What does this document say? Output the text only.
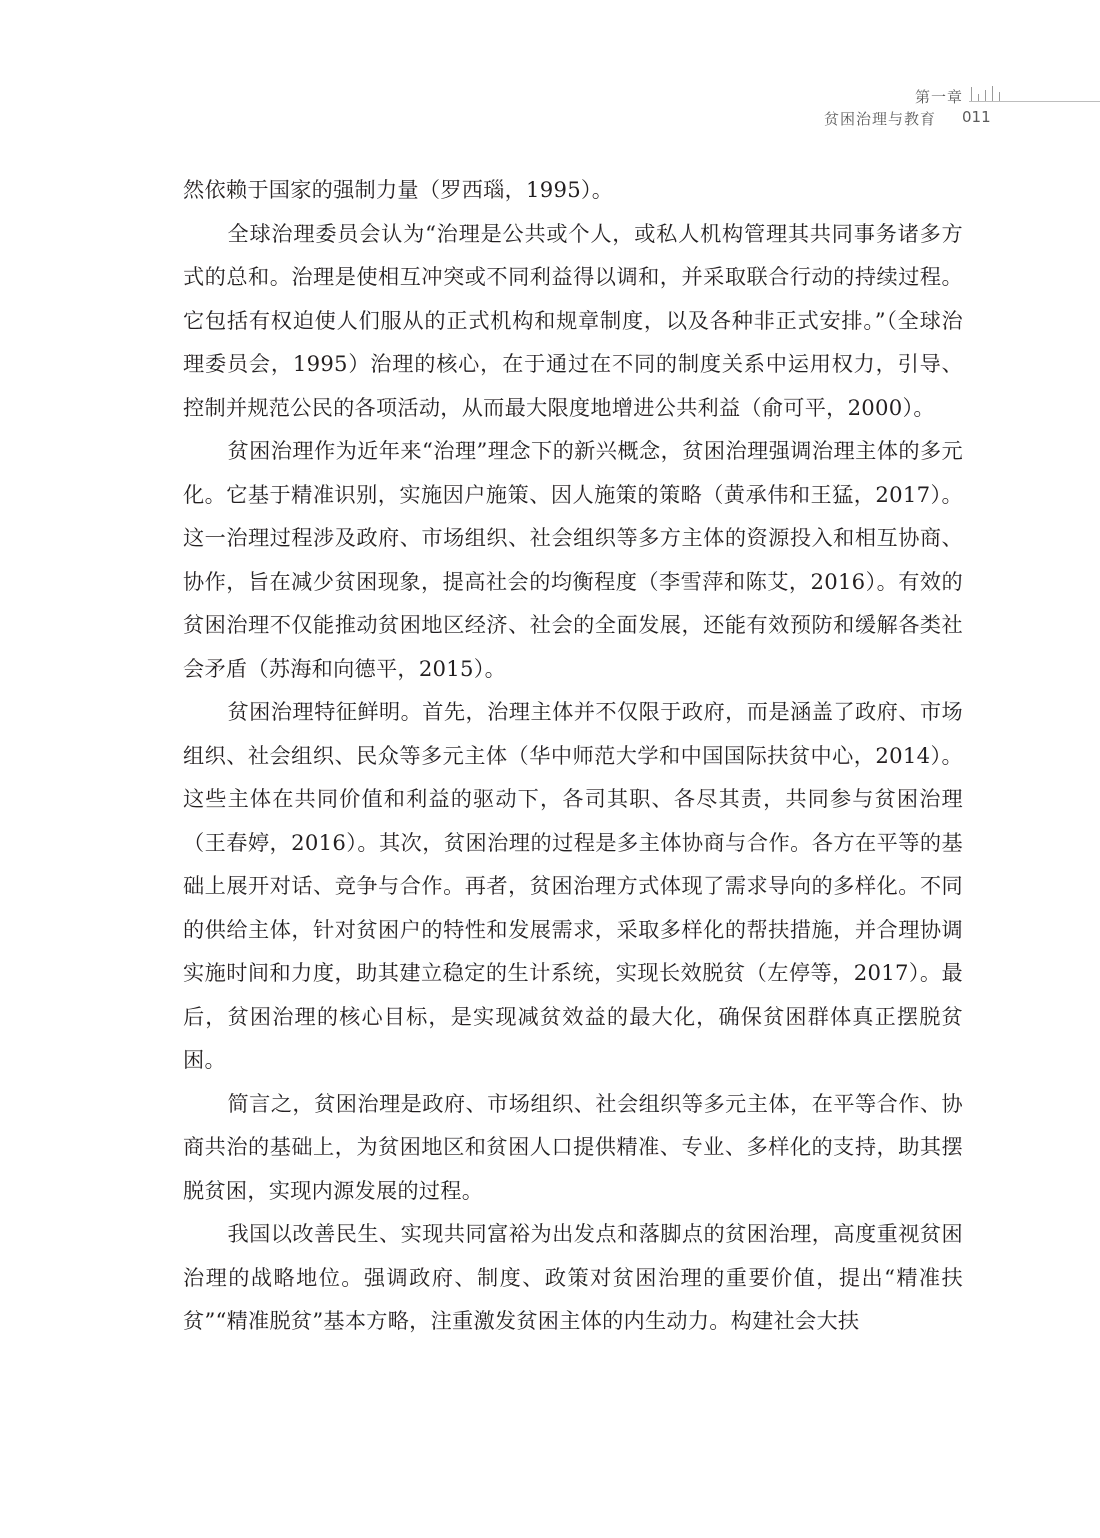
第一章
贫困治理与教育 011

然依赖于国家的强制力量（罗西瑙，1995）。

全球治理委员会认为“治理是公共或个人，或私人机构管理其共同事务诸多方式的总和。治理是使相互冲突或不同利益得以调和，并采取联合行动的持续过程。它包括有权迫使人们服从的正式机构和规章制度，以及各种非正式安排。”（全球治理委员会，1995）治理的核心，在于通过在不同的制度关系中运用权力，引导、控制并规范公民的各项活动，从而最大限度地增进公共利益（俞可平，2000）。

贫困治理作为近年来“治理”理念下的新兴概念，贫困治理强调治理主体的多元化。它基于精准识别，实施因户施策、因人施策的策略（黄承伟和王猛，2017）。这一治理过程涉及政府、市场组织、社会组织等多方主体的资源投入和相互协商、协作，旨在减少贫困现象，提高社会的均衡程度（李雪萍和陈艾，2016）。有效的贫困治理不仅能推动贫困地区经济、社会的全面发展，还能有效预防和缓解各类社会矛盾（苏海和向德平，2015）。

贫困治理特征鲜明。首先，治理主体并不仅限于政府，而是涵盖了政府、市场组织、社会组织、民众等多元主体（华中师范大学和中国国际扶贫中心，2014）。这些主体在共同价值和利益的驱动下，各司其职、各尽其责，共同参与贫困治理（王春婷，2016）。其次，贫困治理的过程是多主体协商与合作。各方在平等的基础上展开对话、竞争与合作。再者，贫困治理方式体现了需求导向的多样化。不同的供给主体，针对贫困户的特性和发展需求，采取多样化的帮扶措施，并合理协调实施时间和力度，助其建立稳定的生计系统，实现长效脱贫（左停等，2017）。最后，贫困治理的核心目标，是实现减贫效益的最大化，确保贫困群体真正摆脱贫困。

简言之，贫困治理是政府、市场组织、社会组织等多元主体，在平等合作、协商共治的基础上，为贫困地区和贫困人口提供精准、专业、多样化的支持，助其摆脱贫困，实现内源发展的过程。

我国以改善民生、实现共同富裕为出发点和落脚点的贫困治理，高度重视贫困治理的战略地位。强调政府、制度、政策对贫困治理的重要价值，提出“精准扶贫”“精准脱贫”基本方略，注重激发贫困主体的内生动力。构建社会大扶
